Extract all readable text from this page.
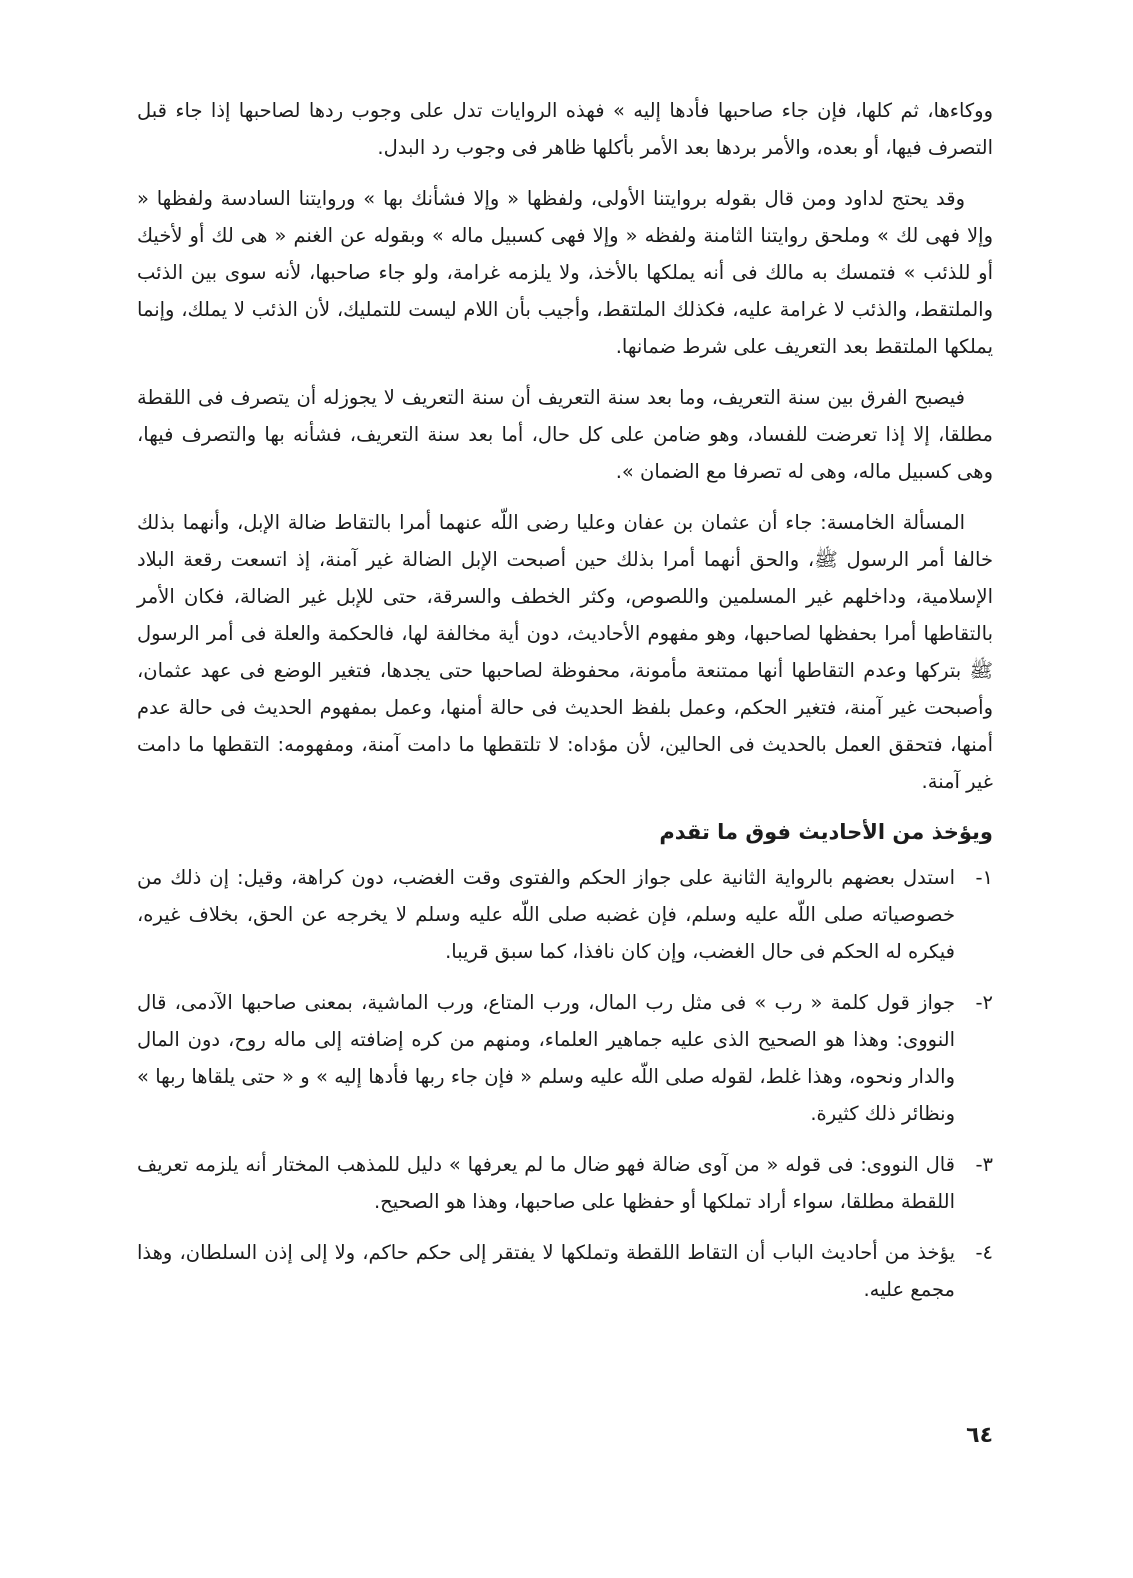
ووكاءها، ثم كلها، فإن جاء صاحبها فأدها إليه » فهذه الروايات تدل على وجوب ردها لصاحبها إذا جاء قبل التصرف فيها، أو بعده، والأمر بردها بعد الأمر بأكلها ظاهر فى وجوب رد البدل.

وقد يحتج لداود ومن قال بقوله بروايتنا الأولى، ولفظها « وإلا فشأنك بها » وروايتنا السادسة ولفظها « وإلا فهى لك » وملحق روايتنا الثامنة ولفظه « وإلا فهى كسبيل ماله » وبقوله عن الغنم « هى لك أو لأخيك أو للذئب » فتمسك به مالك فى أنه يملكها بالأخذ، ولا يلزمه غرامة، ولو جاء صاحبها، لأنه سوى بين الذئب والملتقط، والذئب لا غرامة عليه، فكذلك الملتقط، وأجيب بأن اللام ليست للتمليك، لأن الذئب لا يملك، وإنما يملكها الملتقط بعد التعريف على شرط ضمانها.

فيصبح الفرق بين سنة التعريف، وما بعد سنة التعريف أن سنة التعريف لا يجوزله أن يتصرف فى اللقطة مطلقا، إلا إذا تعرضت للفساد، وهو ضامن على كل حال، أما بعد سنة التعريف، فشأنه بها والتصرف فيها، وهى كسبيل ماله، وهى له تصرفا مع الضمان ».

المسألة الخامسة: جاء أن عثمان بن عفان وعليا رضى اللّه عنهما أمرا بالتقاط ضالة الإبل، وأنهما بذلك خالفا أمر الرسول ﷺ، والحق أنهما أمرا بذلك حين أصبحت الإبل الضالة غير آمنة، إذ اتسعت رقعة البلاد الإسلامية، وداخلهم غير المسلمين واللصوص، وكثر الخطف والسرقة، حتى للإبل غير الضالة، فكان الأمر بالتقاطها أمرا بحفظها لصاحبها، وهو مفهوم الأحاديث، دون أية مخالفة لها، فالحكمة والعلة فى أمر الرسول ﷺ بتركها وعدم التقاطها أنها ممتنعة مأمونة، محفوظة لصاحبها حتى يجدها، فتغير الوضع فى عهد عثمان، وأصبحت غير آمنة، فتغير الحكم، وعمل بلفظ الحديث فى حالة أمنها، وعمل بمفهوم الحديث فى حالة عدم أمنها، فتحقق العمل بالحديث فى الحالين، لأن مؤداه: لا تلتقطها ما دامت آمنة، ومفهومه: التقطها ما دامت غير آمنة.

ويؤخذ من الأحاديث فوق ما تقدم
١-
استدل بعضهم بالرواية الثانية على جواز الحكم والفتوى وقت الغضب، دون كراهة، وقيل: إن ذلك من خصوصياته صلى اللّه عليه وسلم، فإن غضبه صلى اللّه عليه وسلم لا يخرجه عن الحق، بخلاف غيره، فيكره له الحكم فى حال الغضب، وإن كان نافذا، كما سبق قريبا.
٢-
جواز قول كلمة « رب » فى مثل رب المال، ورب المتاع، ورب الماشية، بمعنى صاحبها الآدمى، قال النووى: وهذا هو الصحيح الذى عليه جماهير العلماء، ومنهم من كره إضافته إلى ماله روح، دون المال والدار ونحوه، وهذا غلط، لقوله صلى اللّه عليه وسلم « فإن جاء ربها فأدها إليه » و « حتى يلقاها ربها » ونظائر ذلك كثيرة.
٣-
قال النووى: فى قوله « من آوى ضالة فهو ضال ما لم يعرفها » دليل للمذهب المختار أنه يلزمه تعريف اللقطة مطلقا، سواء أراد تملكها أو حفظها على صاحبها، وهذا هو الصحيح.
٤-
يؤخذ من أحاديث الباب أن التقاط اللقطة وتملكها لا يفتقر إلى حكم حاكم، ولا إلى إذن السلطان، وهذا مجمع عليه.
٦٤
